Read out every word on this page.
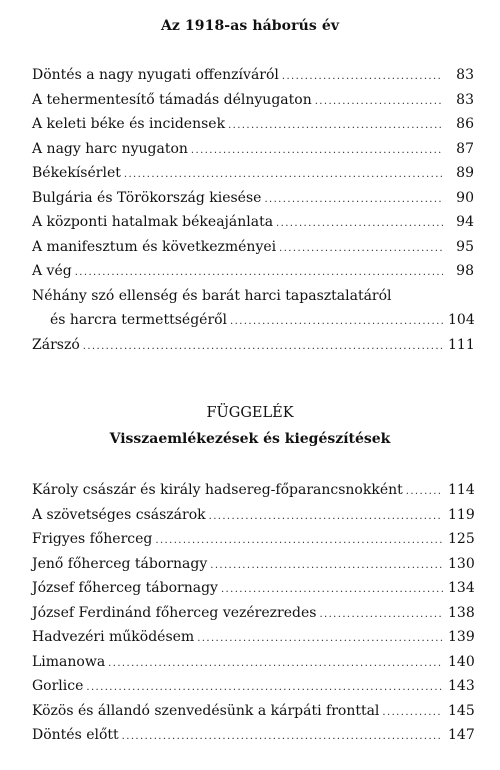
Az 1918-as háborús év
Döntés a nagy nyugati offenzíváról .....	83
A tehermentesítő támadás délnyugaton .....	83
A keleti béke és incidensek .....	86
A nagy harc nyugaton .....	87
Békekísérlet .....	89
Bulgária és Törökország kiesése .....	90
A központi hatalmak békeajánlata .....	94
A manifesztum és következményei .....	95
A vég .....	98
Néhány szó ellenség és barát harci tapasztalatáról
és harcra termettségéről .....	104
Zárszó .....	111
FÜGGELÉK
Visszaemlékezések és kiegészítések
Károly császár és király hadsereg-főparancsnokként .....	114
A szövetséges császárok .....	119
Frigyes főherceg .....	125
Jenő főherceg tábornagy .....	130
József főherceg tábornagy .....	134
József Ferdinánd főherceg vezérezredes .....	138
Hadvezéri működésem .....	139
Limanowa .....	140
Gorlice .....	143
Közös és állandó szenvedésünk a kárpáti fronttal .....	145
Döntés előtt .....	147
